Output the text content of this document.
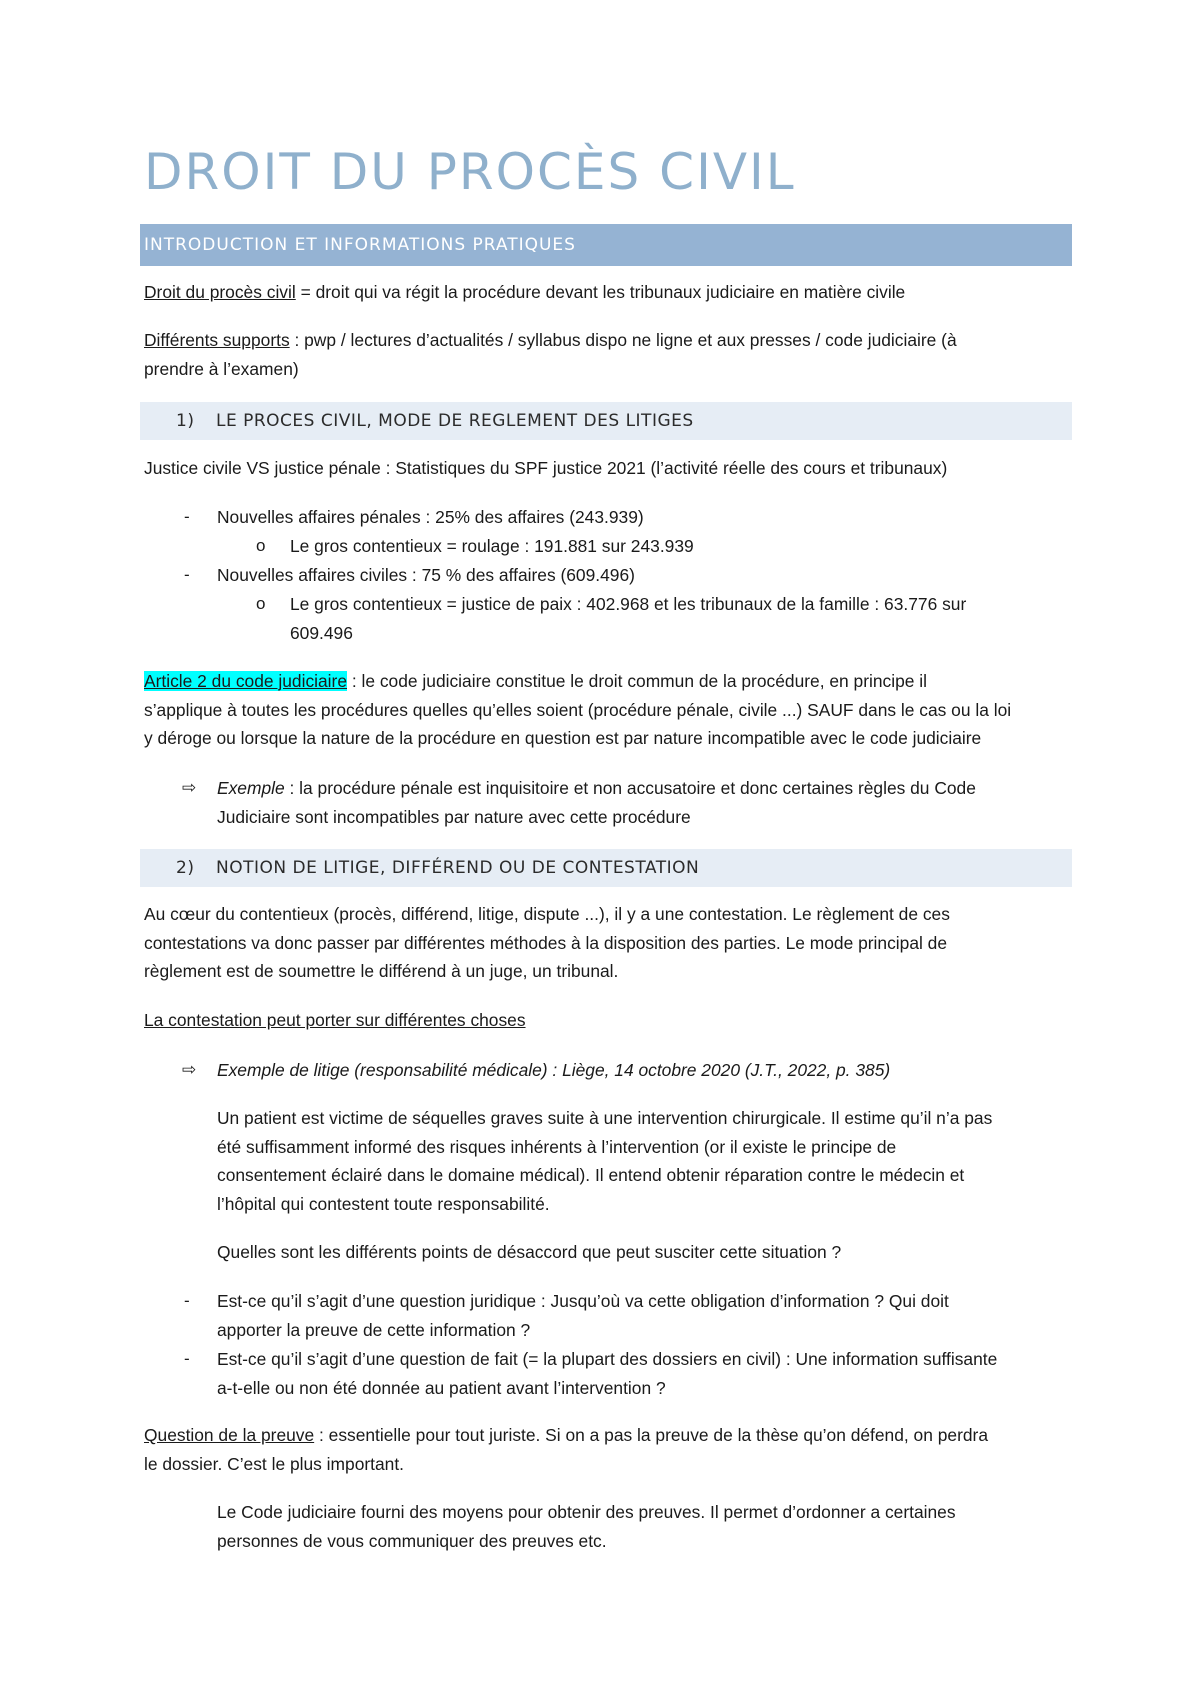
DROIT DU PROCÈS CIVIL
INTRODUCTION ET INFORMATIONS PRATIQUES

Droit du procès civil = droit qui va régit la procédure devant les tribunaux judiciaire en matière civile

Différents supports : pwp / lectures d’actualités / syllabus dispo ne ligne et aux presses / code judiciaire (à
prendre à l’examen)

1) LE PROCES CIVIL, MODE DE REGLEMENT DES LITIGES

Justice civile VS justice pénale : Statistiques du SPF justice 2021 (l’activité réelle des cours et tribunaux)

- Nouvelles affaires pénales : 25% des affaires (243.939)

o Le gros contentieux = roulage : 191.881 sur 243.939

- Nouvelles affaires civiles : 75 % des affaires (609.496)

o Le gros contentieux = justice de paix : 402.968 et les tribunaux de la famille : 63.776 sur
609.496

Article 2 du code judiciaire : le code judiciaire constitue le droit commun de la procédure, en principe il
s’applique à toutes les procédures quelles qu’elles soient (procédure pénale, civile ...) SAUF dans le cas ou la loi
y déroge ou lorsque la nature de la procédure en question est par nature incompatible avec le code judiciaire

⇨ Exemple : la procédure pénale est inquisitoire et non accusatoire et donc certaines règles du Code
Judiciaire sont incompatibles par nature avec cette procédure

2) NOTION DE LITIGE, DIFFÉREND OU DE CONTESTATION

Au cœur du contentieux (procès, différend, litige, dispute ...), il y a une contestation. Le règlement de ces
contestations va donc passer par différentes méthodes à la disposition des parties. Le mode principal de
règlement est de soumettre le différend à un juge, un tribunal.

La contestation peut porter sur différentes choses

⇨ Exemple de litige (responsabilité médicale) : Liège, 14 octobre 2020 (J.T., 2022, p. 385)

Un patient est victime de séquelles graves suite à une intervention chirurgicale. Il estime qu’il n’a pas
été suffisamment informé des risques inhérents à l’intervention (or il existe le principe de
consentement éclairé dans le domaine médical). Il entend obtenir réparation contre le médecin et
l’hôpital qui contestent toute responsabilité.

Quelles sont les différents points de désaccord que peut susciter cette situation ?

- Est-ce qu’il s’agit d’une question juridique : Jusqu’où va cette obligation d’information ? Qui doit
apporter la preuve de cette information ?

- Est-ce qu’il s’agit d’une question de fait (= la plupart des dossiers en civil) : Une information suffisante
a-t-elle ou non été donnée au patient avant l’intervention ?

Question de la preuve : essentielle pour tout juriste. Si on a pas la preuve de la thèse qu’on défend, on perdra
le dossier. C’est le plus important.

Le Code judiciaire fourni des moyens pour obtenir des preuves. Il permet d’ordonner a certaines
personnes de vous communiquer des preuves etc.
